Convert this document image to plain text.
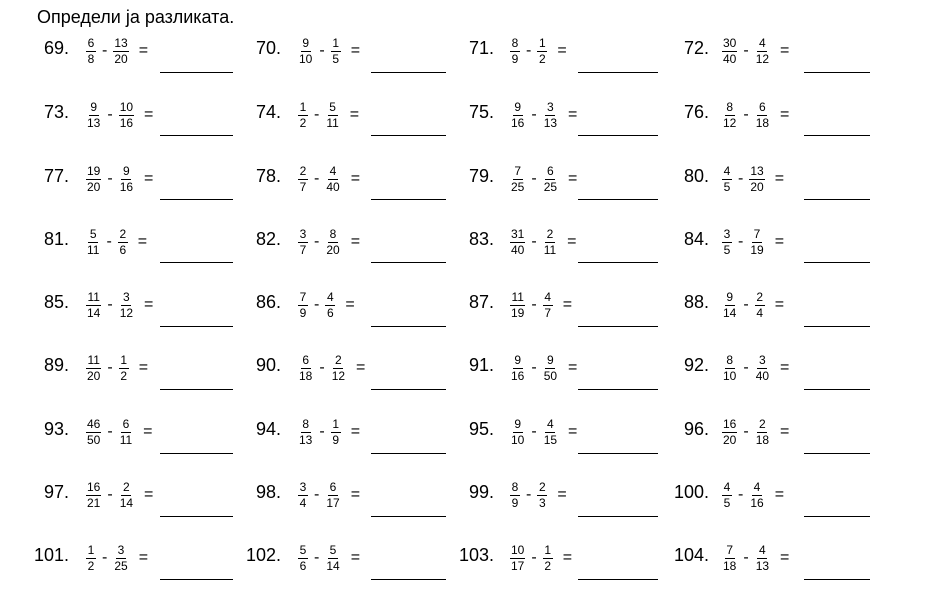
Определи ја разликата.
69. $\frac{6}{8} - \frac{13}{20}$ =	70. $\frac{9}{10} - \frac{1}{5}$ =	71. $\frac{8}{9} - \frac{1}{2}$ =	72. $\frac{30}{40} - \frac{4}{12}$ =
73. $\frac{9}{13} - \frac{10}{16}$ =	74. $\frac{1}{2} - \frac{5}{11}$ =	75. $\frac{9}{16} - \frac{3}{13}$ =	76. $\frac{8}{12} - \frac{6}{18}$ =
77. $\frac{19}{20} - \frac{9}{16}$ =	78. $\frac{2}{7} - \frac{4}{40}$ =	79. $\frac{7}{25} - \frac{6}{25}$ =	80. $\frac{4}{5} - \frac{13}{20}$ =
81. $\frac{5}{11} - \frac{2}{6}$ =	82. $\frac{3}{7} - \frac{8}{20}$ =	83. $\frac{31}{40} - \frac{2}{11}$ =	84. $\frac{3}{5} - \frac{7}{19}$ =
85. $\frac{11}{14} - \frac{3}{12}$ =	86. $\frac{7}{9} - \frac{4}{6}$ =	87. $\frac{11}{19} - \frac{4}{7}$ =	88. $\frac{9}{14} - \frac{2}{4}$ =
89. $\frac{11}{20} - \frac{1}{2}$ =	90. $\frac{6}{18} - \frac{2}{12}$ =	91. $\frac{9}{16} - \frac{9}{50}$ =	92. $\frac{8}{10} - \frac{3}{40}$ =
93. $\frac{46}{50} - \frac{6}{11}$ =	94. $\frac{8}{13} - \frac{1}{9}$ =	95. $\frac{9}{10} - \frac{4}{15}$ =	96. $\frac{16}{20} - \frac{2}{18}$ =
97. $\frac{16}{21} - \frac{2}{14}$ =	98. $\frac{3}{4} - \frac{6}{17}$ =	99. $\frac{8}{9} - \frac{2}{3}$ =	100. $\frac{4}{5} - \frac{4}{16}$ =
101. $\frac{1}{2} - \frac{3}{25}$ =	102. $\frac{5}{6} - \frac{5}{14}$ =	103. $\frac{10}{17} - \frac{1}{2}$ =	104. $\frac{7}{18} - \frac{4}{13}$ =
